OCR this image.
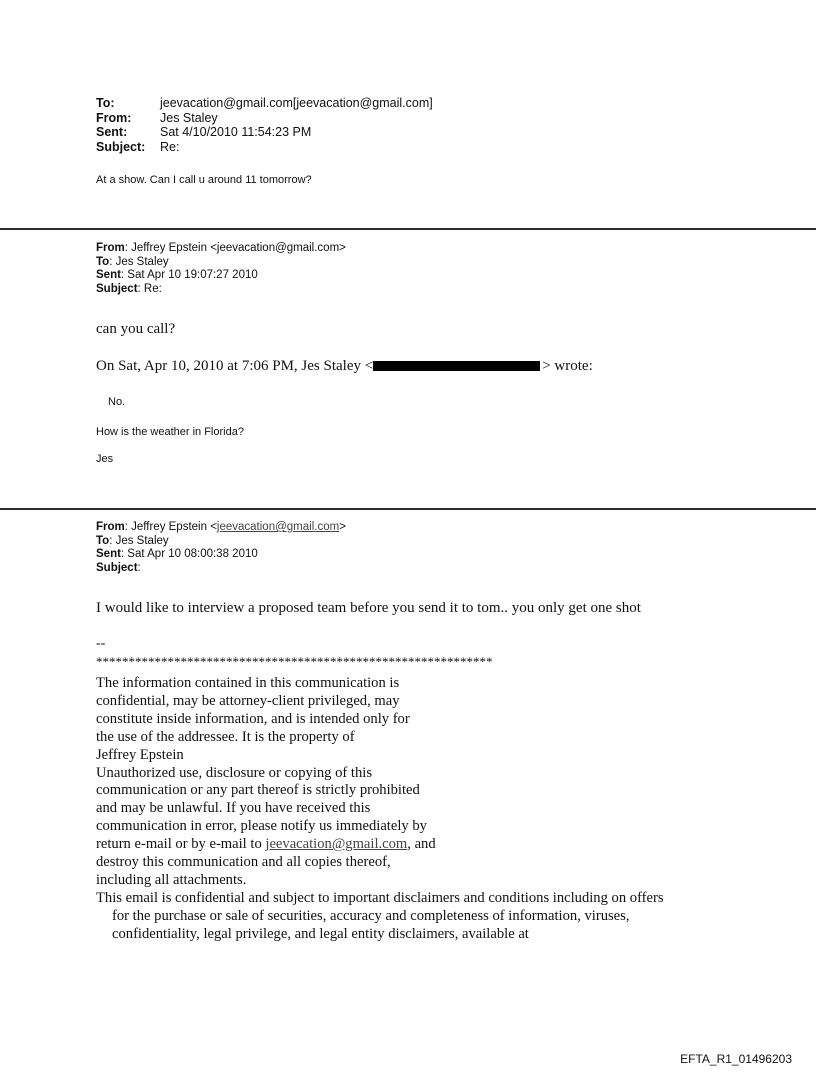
To:	jeevacation@gmail.com[jeevacation@gmail.com]
From:	Jes Staley
Sent:	Sat 4/10/2010 11:54:23 PM
Subject:	Re:
At a show. Can I call u around 11 tomorrow?
From: Jeffrey Epstein <jeevacation@gmail.com>
To: Jes Staley
Sent: Sat Apr 10 19:07:27 2010
Subject: Re:
can you call?
On Sat, Apr 10, 2010 at 7:06 PM, Jes Staley <	> wrote:
No.
How is the weather in Florida?
Jes
From: Jeffrey Epstein <jeevacation@gmail.com>
To: Jes Staley
Sent: Sat Apr 10 08:00:38 2010
Subject:
I would like to interview a proposed team before you send it to tom.. you only get one shot
--
*************************************************************

The information contained in this communication is

confidential, may be attorney-client privileged, may

constitute inside information, and is intended only for

the use of the addressee. It is the property of

Jeffrey Epstein

Unauthorized use, disclosure or copying of this

communication or any part thereof is strictly prohibited

and may be unlawful. If you have received this

communication in error, please notify us immediately by

return e-mail or by e-mail to jeevacation@gmail.com, and

destroy this communication and all copies thereof,

including all attachments.

This email is confidential and subject to important disclaimers and conditions including on offers

for the purchase or sale of securities, accuracy and completeness of information, viruses,

confidentiality, legal privilege, and legal entity disclaimers, available at

EFTA_R1_01496203
